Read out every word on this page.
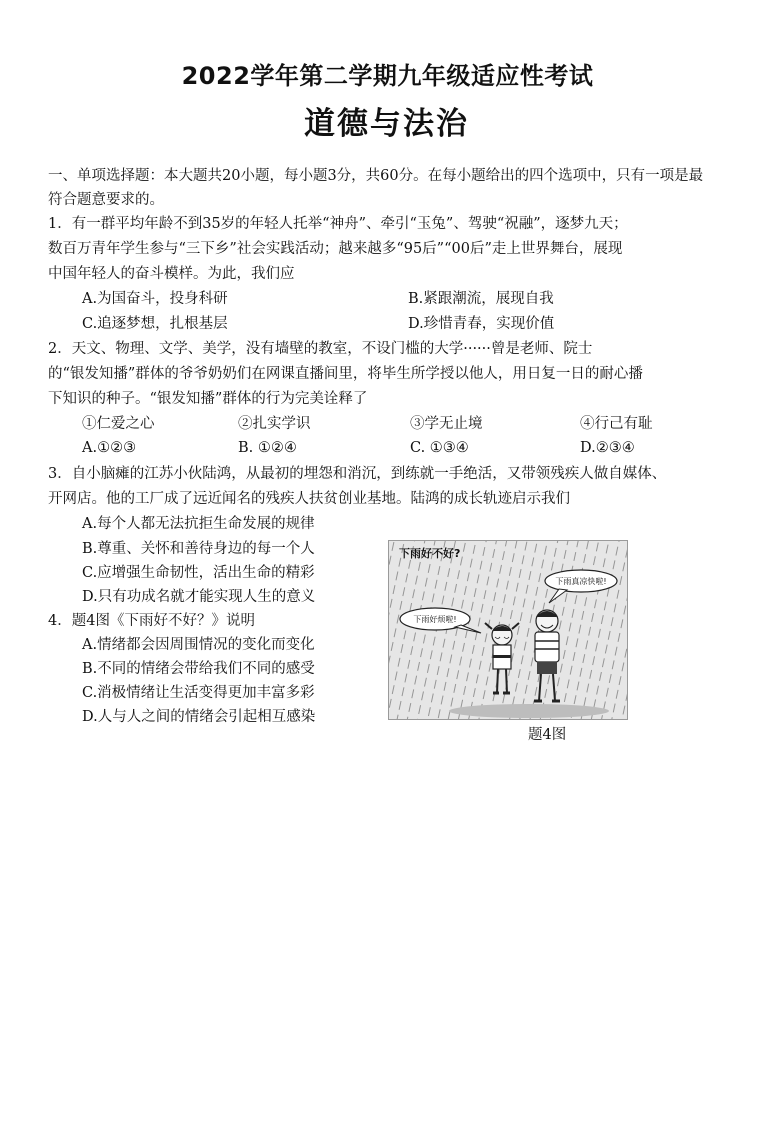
2022学年第二学期九年级适应性考试
道德与法治
一、单项选择题：本大题共20小题，每小题3分，共60分。在每小题给出的四个选项中，只有一项是最
符合题意要求的。
1．有一群平均年龄不到35岁的年轻人托举“神舟”、牵引“玉兔”、驾驶“祝融”，逐梦九天；
数百万青年学生参与“三下乡”社会实践活动；越来越多“95后”“00后”走上世界舞台，展现
中国年轻人的奋斗模样。为此，我们应
A.为国奋斗，投身科研	B.紧跟潮流，展现自我
C.追逐梦想，扎根基层	D.珍惜青春，实现价值
2．天文、物理、文学、美学，没有墙壁的教室，不设门槛的大学······曾是老师、院士
的“银发知播”群体的爷爷奶奶们在网课直播间里，将毕生所学授以他人，用日复一日的耐心播
下知识的种子。“银发知播”群体的行为完美诠释了
①仁爱之心	②扎实学识	③学无止境	④行己有耻
A.①②③	B. ①②④	C. ①③④	D.②③④
3．自小脑瘫的江苏小伙陆鸿，从最初的埋怨和消沉，到练就一手绝活，又带领残疾人做自媒体、
开网店。他的工厂成了远近闻名的残疾人扶贫创业基地。陆鸿的成长轨迹启示我们
A.每个人都无法抗拒生命发展的规律
B.尊重、关怀和善待身边的每一个人
C.应增强生命韧性，活出生命的精彩
D.只有功成名就才能实现人生的意义
4．题4图《下雨好不好？》说明
A.情绪都会因周围情况的变化而变化
B.不同的情绪会带给我们不同的感受
C.消极情绪让生活变得更加丰富多彩
D.人与人之间的情绪会引起相互感染
下雨好不好?
下雨好烦啦!
下雨真凉快啦!
题4图
